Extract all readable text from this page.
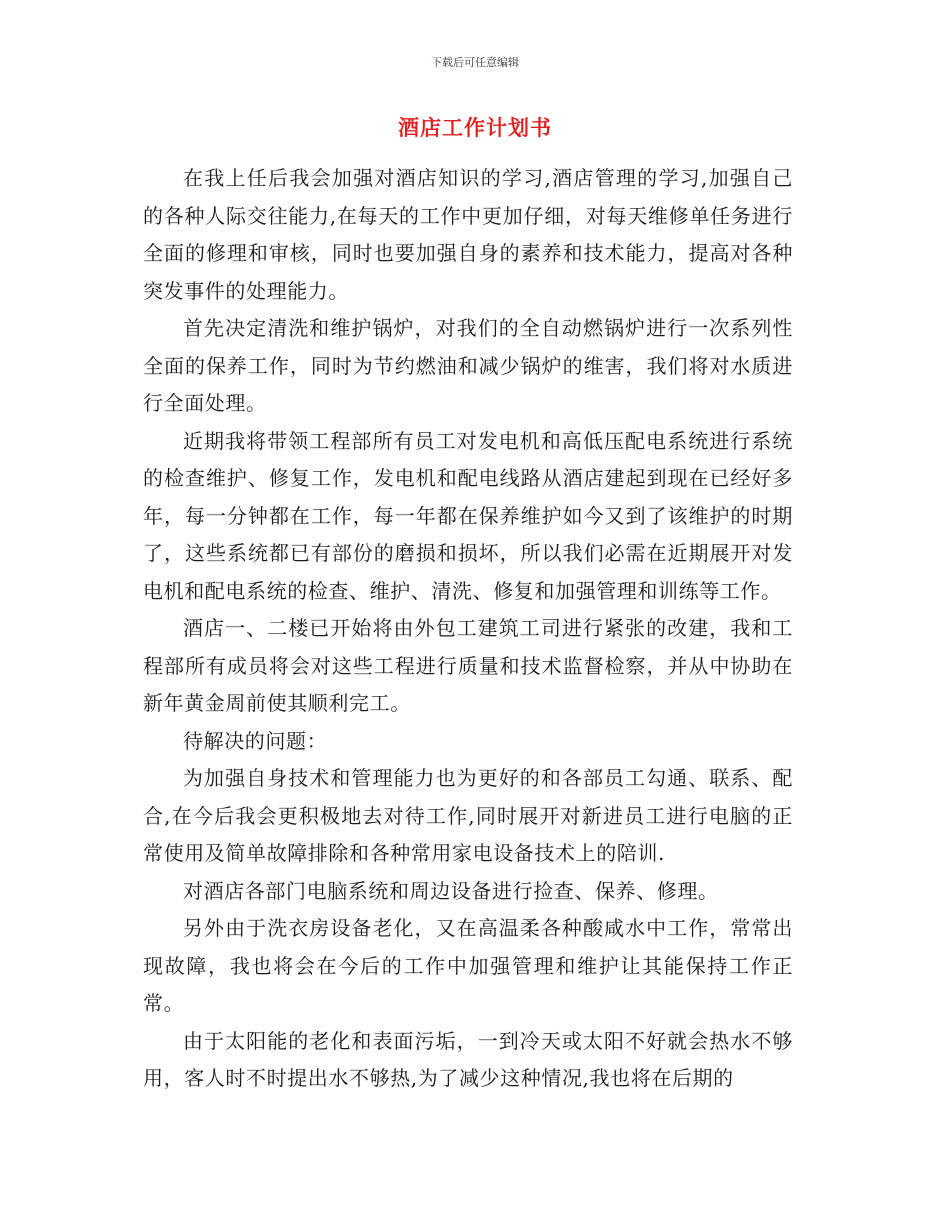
下载后可任意编辑
酒店工作计划书

在我上任后我会加强对酒店知识的学习,酒店管理的学习,加强自己的各种人际交往能力,在每天的工作中更加仔细，对每天维修单任务进行全面的修理和审核，同时也要加强自身的素养和技术能力，提高对各种突发事件的处理能力。

首先决定清洗和维护锅炉，对我们的全自动燃锅炉进行一次系列性全面的保养工作，同时为节约燃油和减少锅炉的维害，我们将对水质进行全面处理。

近期我将带领工程部所有员工对发电机和高低压配电系统进行系统的检查维护、修复工作，发电机和配电线路从酒店建起到现在已经好多年，每一分钟都在工作，每一年都在保养维护如今又到了该维护的时期了，这些系统都已有部份的磨损和损坏，所以我们必需在近期展开对发电机和配电系统的检查、维护、清洗、修复和加强管理和训练等工作。

酒店一、二楼已开始将由外包工建筑工司进行紧张的改建，我和工程部所有成员将会对这些工程进行质量和技术监督检察，并从中协助在新年黄金周前使其顺利完工。

待解决的问题：

为加强自身技术和管理能力也为更好的和各部员工勾通、联系、配合,在今后我会更积极地去对待工作,同时展开对新进员工进行电脑的正常使用及简单故障排除和各种常用家电设备技术上的陪训.

对酒店各部门电脑系统和周边设备进行捡查、保养、修理。

另外由于洗衣房设备老化，又在高温柔各种酸咸水中工作，常常出现故障，我也将会在今后的工作中加强管理和维护让其能保持工作正常。

由于太阳能的老化和表面污垢，一到冷天或太阳不好就会热水不够用，客人时不时提出水不够热,为了减少这种情况,我也将在后期的
